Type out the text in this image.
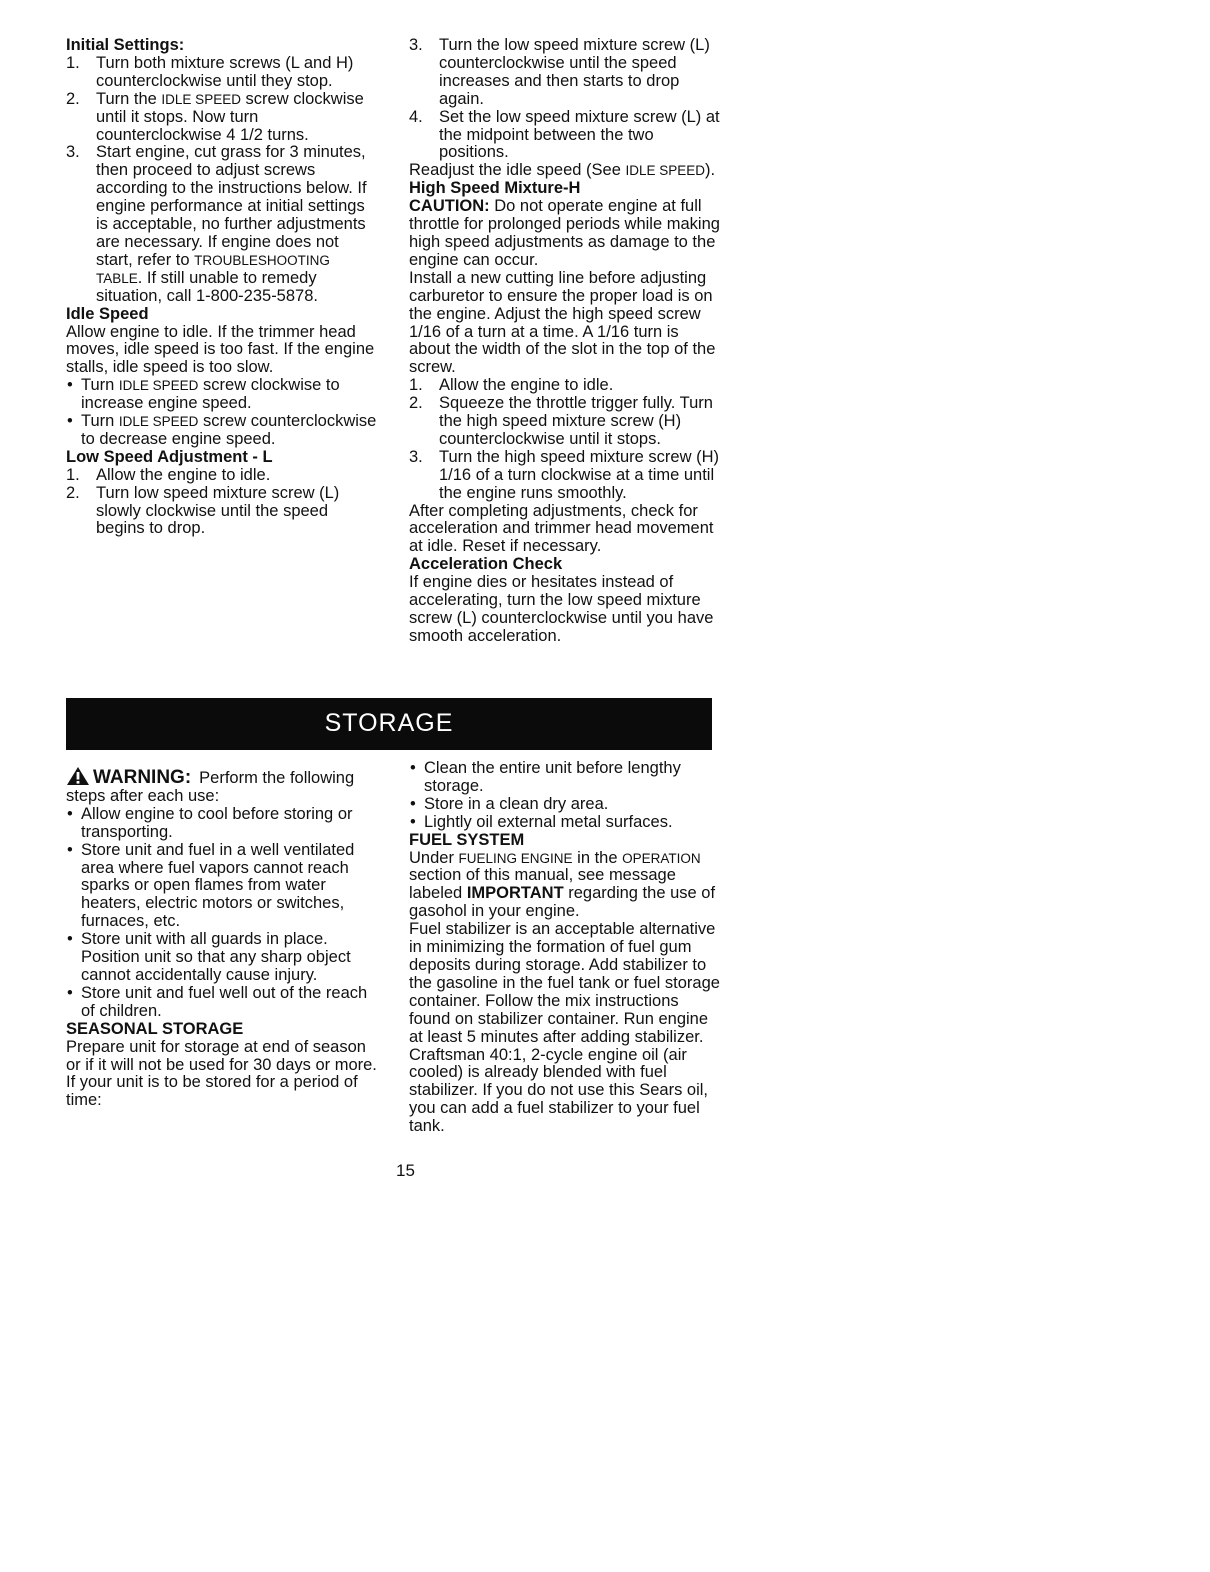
Initial Settings:

1. Turn both mixture screws (L and H) counterclockwise until they stop.
2. Turn the IDLE SPEED screw clockwise until it stops. Now turn counterclockwise 4 1/2 turns.
3. Start engine, cut grass for 3 minutes, then proceed to adjust screws according to the instructions below. If engine performance at initial settings is acceptable, no further adjustments are necessary. If engine does not start, refer to TROUBLESHOOTING TABLE. If still unable to remedy situation, call 1-800-235-5878.

Idle Speed

Allow engine to idle. If the trimmer head moves, idle speed is too fast. If the engine stalls, idle speed is too slow.

• Turn IDLE SPEED screw clockwise to increase engine speed.
• Turn IDLE SPEED screw counterclockwise to decrease engine speed.

Low Speed Adjustment - L

1. Allow the engine to idle.
2. Turn low speed mixture screw (L) slowly clockwise until the speed begins to drop.
3. Turn the low speed mixture screw (L) counterclockwise until the speed increases and then starts to drop again.
4. Set the low speed mixture screw (L) at the midpoint between the two positions.

Readjust the idle speed (See IDLE SPEED).

High Speed Mixture-H

CAUTION: Do not operate engine at full throttle for prolonged periods while making high speed adjustments as damage to the engine can occur.

Install a new cutting line before adjusting carburetor to ensure the proper load is on the engine. Adjust the high speed screw 1/16 of a turn at a time. A 1/16 turn is about the width of the slot in the top of the screw.

1. Allow the engine to idle.
2. Squeeze the throttle trigger fully. Turn the high speed mixture screw (H) counterclockwise until it stops.
3. Turn the high speed mixture screw (H) 1/16 of a turn clockwise at a time until the engine runs smoothly.

After completing adjustments, check for acceleration and trimmer head movement at idle. Reset if necessary.

Acceleration Check

If engine dies or hesitates instead of accelerating, turn the low speed mixture screw (L) counterclockwise until you have smooth acceleration.

STORAGE

WARNING: Perform the following steps after each use:

• Allow engine to cool before storing or transporting.
• Store unit and fuel in a well ventilated area where fuel vapors cannot reach sparks or open flames from water heaters, electric motors or switches, furnaces, etc.
• Store unit with all guards in place. Position unit so that any sharp object cannot accidentally cause injury.
• Store unit and fuel well out of the reach of children.

SEASONAL STORAGE

Prepare unit for storage at end of season or if it will not be used for 30 days or more.

If your unit is to be stored for a period of time:

• Clean the entire unit before lengthy storage.
• Store in a clean dry area.
• Lightly oil external metal surfaces.

FUEL SYSTEM

Under FUELING ENGINE in the OPERATION section of this manual, see message labeled IMPORTANT regarding the use of gasohol in your engine.

Fuel stabilizer is an acceptable alternative in minimizing the formation of fuel gum deposits during storage. Add stabilizer to the gasoline in the fuel tank or fuel storage container. Follow the mix instructions found on stabilizer container. Run engine at least 5 minutes after adding stabilizer.

Craftsman 40:1, 2-cycle engine oil (air cooled) is already blended with fuel stabilizer. If you do not use this Sears oil, you can add a fuel stabilizer to your fuel tank.

15
